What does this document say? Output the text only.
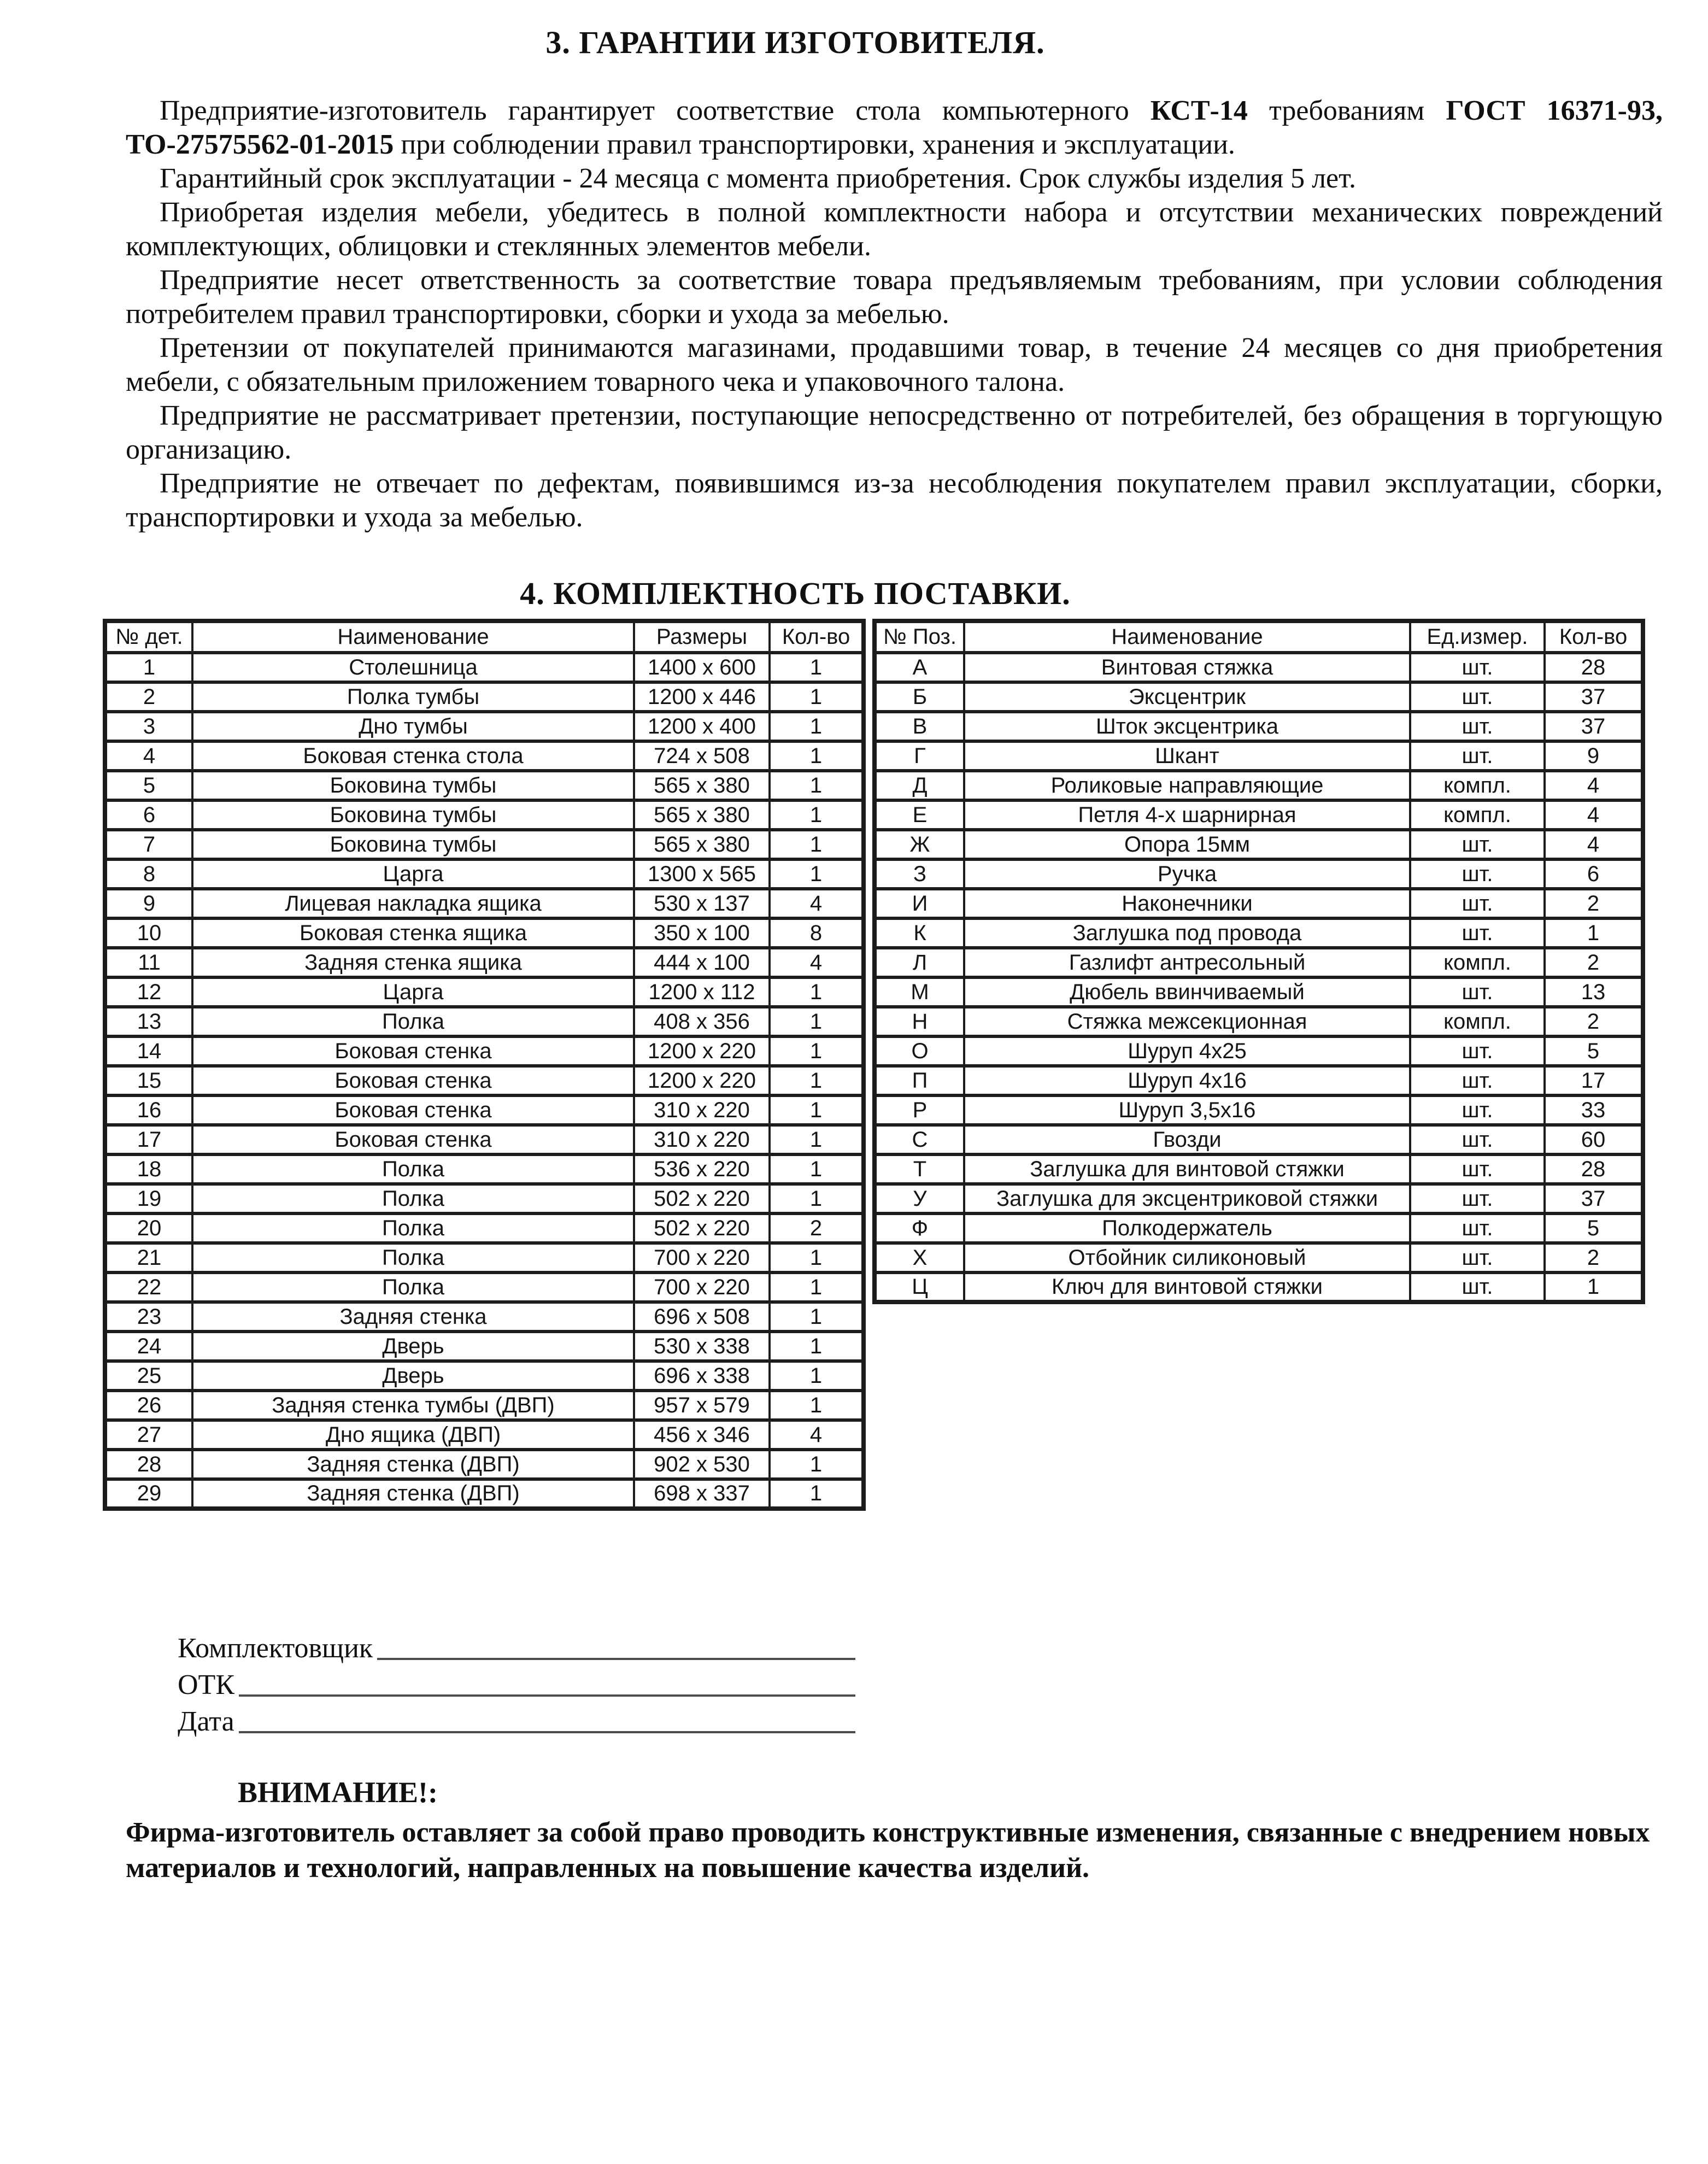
3. ГАРАНТИИ ИЗГОТОВИТЕЛЯ.

Предприятие-изготовитель гарантирует соответствие стола компьютерного КСТ-14 требованиям ГОСТ 16371-93, ТО-27575562-01-2015 при соблюдении правил транспортировки, хранения и эксплуатации.

Гарантийный срок эксплуатации - 24 месяца с момента приобретения. Срок службы изделия 5 лет.

Приобретая изделия мебели, убедитесь в полной комплектности набора и отсутствии механических повреждений комплектующих, облицовки и стеклянных элементов мебели.

Предприятие несет ответственность за соответствие товара предъявляемым требованиям, при условии соблюдения потребителем правил транспортировки, сборки и ухода за мебелью.

Претензии от покупателей принимаются магазинами, продавшими товар, в течение 24 месяцев со дня приобретения мебели, с обязательным приложением товарного чека и упаковочного талона.

Предприятие не рассматривает претензии, поступающие непосредственно от потребителей, без обращения в торгующую организацию.

Предприятие не отвечает по дефектам, появившимся из-за несоблюдения покупателем правил эксплуатации, сборки, транспортировки и ухода за мебелью.

4. КОМПЛЕКТНОСТЬ ПОСТАВКИ.
№ дет.	Наименование	Размеры	Кол-во
1	Столешница	1400 x 600	1
2	Полка тумбы	1200 x 446	1
3	Дно тумбы	1200 x 400	1
4	Боковая стенка стола	724 x 508	1
5	Боковина тумбы	565 x 380	1
6	Боковина тумбы	565 x 380	1
7	Боковина тумбы	565 x 380	1
8	Царга	1300 x 565	1
9	Лицевая накладка ящика	530 x 137	4
10	Боковая стенка ящика	350 x 100	8
11	Задняя стенка ящика	444 x 100	4
12	Царга	1200 x 112	1
13	Полка	408 x 356	1
14	Боковая стенка	1200 x 220	1
15	Боковая стенка	1200 x 220	1
16	Боковая стенка	310 x 220	1
17	Боковая стенка	310 x 220	1
18	Полка	536 x 220	1
19	Полка	502 x 220	1
20	Полка	502 x 220	2
21	Полка	700 x 220	1
22	Полка	700 x 220	1
23	Задняя стенка	696 x 508	1
24	Дверь	530 x 338	1
25	Дверь	696 x 338	1
26	Задняя стенка тумбы (ДВП)	957 x 579	1
27	Дно ящика (ДВП)	456 x 346	4
28	Задняя стенка (ДВП)	902 x 530	1
29	Задняя стенка (ДВП)	698 x 337	1
№ Поз.	Наименование	Ед.измер.	Кол-во
А	Винтовая стяжка	шт.	28
Б	Эксцентрик	шт.	37
В	Шток эксцентрика	шт.	37
Г	Шкант	шт.	9
Д	Роликовые направляющие	компл.	4
Е	Петля 4-х шарнирная	компл.	4
Ж	Опора 15мм	шт.	4
З	Ручка	шт.	6
И	Наконечники	шт.	2
К	Заглушка под провода	шт.	1
Л	Газлифт антресольный	компл.	2
М	Дюбель ввинчиваемый	шт.	13
Н	Стяжка межсекционная	компл.	2
О	Шуруп 4х25	шт.	5
П	Шуруп 4х16	шт.	17
Р	Шуруп 3,5х16	шт.	33
С	Гвозди	шт.	60
Т	Заглушка для винтовой стяжки	шт.	28
У	Заглушка для эксцентриковой стяжки	шт.	37
Ф	Полкодержатель	шт.	5
Х	Отбойник силиконовый	шт.	2
Ц	Ключ для винтовой стяжки	шт.	1
Комплектовщик
ОТК
Дата

ВНИМАНИЕ!:

Фирма-изготовитель оставляет за собой право проводить конструктивные изменения, связанные с внедрением новых материалов и технологий, направленных на повышение качества изделий.
